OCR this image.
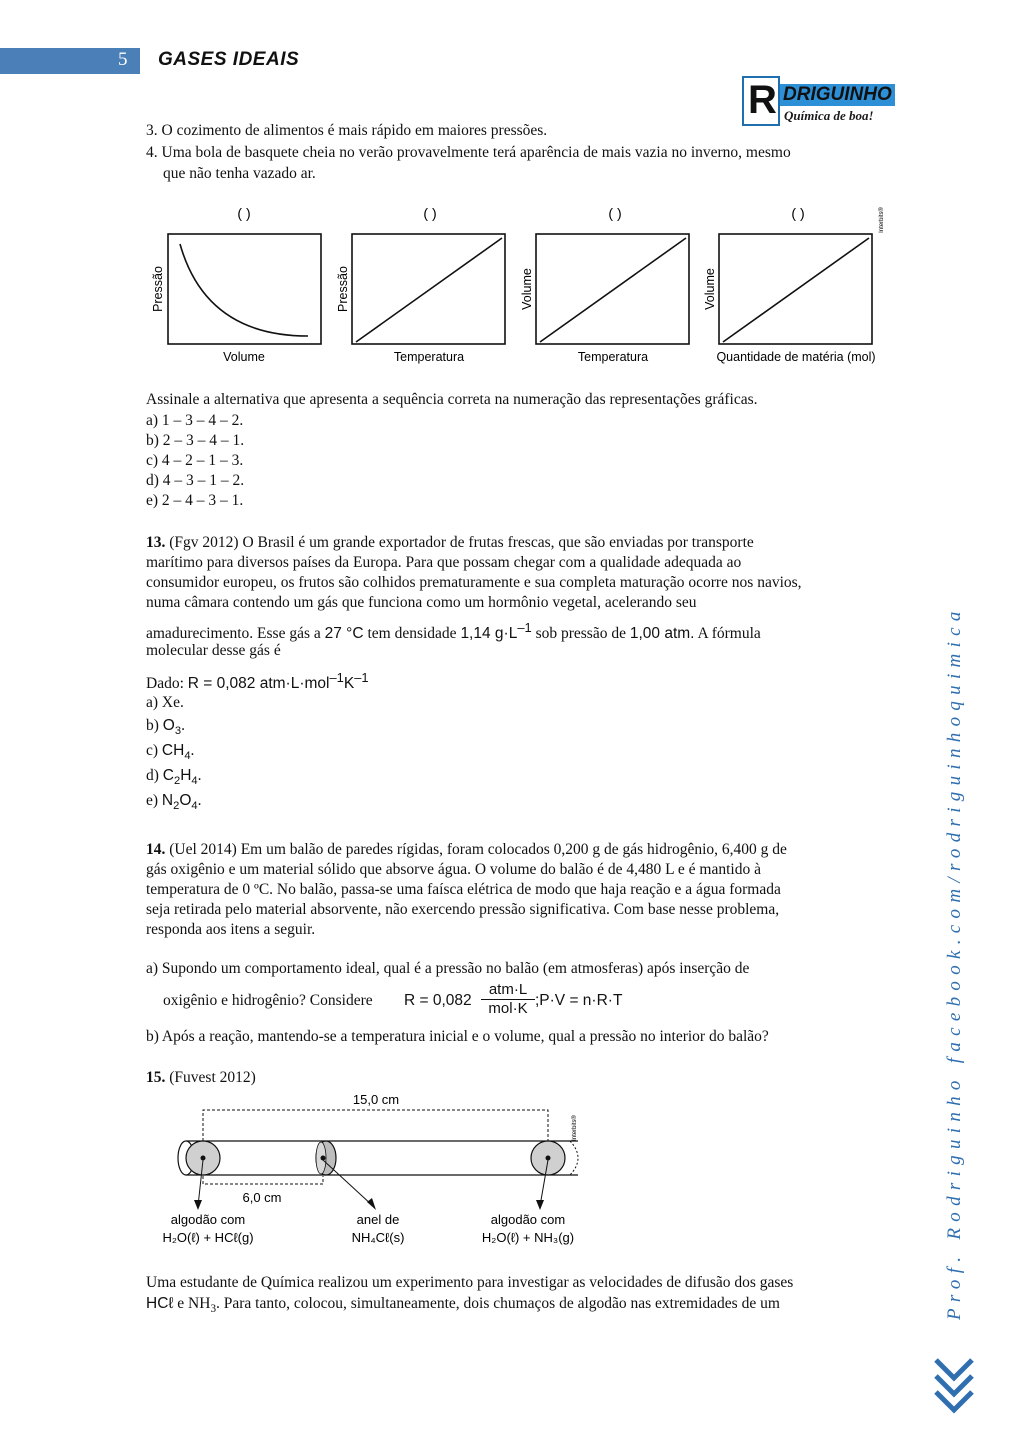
5 GASES IDEAIS
R DRIGUINHO
Química de boa!
3. O cozimento de alimentos é mais rápido em maiores pressões.
4. Uma bola de basquete cheia no verão provavelmente terá aparência de mais vazia no inverno, mesmo
que não tenha vazado ar.
( )
Pressão
Volume
( )
Pressão
Temperatura
( )
Volume
Temperatura
( )
Volume
Quantidade de matéria (mol)
Interbits®
Assinale a alternativa que apresenta a sequência correta na numeração das representações gráficas.
a) 1 – 3 – 4 – 2.
b) 2 – 3 – 4 – 1.
c) 4 – 2 – 1 – 3.
d) 4 – 3 – 1 – 2.
e) 2 – 4 – 3 – 1.
13. (Fgv 2012) O Brasil é um grande exportador de frutas frescas, que são enviadas por transporte
marítimo para diversos países da Europa. Para que possam chegar com a qualidade adequada ao
consumidor europeu, os frutos são colhidos prematuramente e sua completa maturação ocorre nos navios,
numa câmara contendo um gás que funciona como um hormônio vegetal, acelerando seu
amadurecimento. Esse gás a 27 °C tem densidade 1,14 $g\cdot L^{-1}$ sob pressão de 1,00 atm. A fórmula
molecular desse gás é
Dado: R = 0,082 $atm\cdot L\cdot mol^{-1}K^{-1}$
a) Xe.
b) $O_3$.
c) $CH_4$.
d) $C_2H_4$.
e) $N_2O_4$.
14. (Uel 2014) Em um balão de paredes rígidas, foram colocados 0,200 g de gás hidrogênio, 6,400 g de
gás oxigênio e um material sólido que absorve água. O volume do balão é de 4,480 L e é mantido à
temperatura de 0 ºC. No balão, passa-se uma faísca elétrica de modo que haja reação e a água formada
seja retirada pelo material absorvente, não exercendo pressão significativa. Com base nesse problema,
responda aos itens a seguir.
a) Supondo um comportamento ideal, qual é a pressão no balão (em atmosferas) após inserção de
oxigênio e hidrogênio? Considere R = 0,082
atm·L
mol·K ;P·V = n·R·T
b) Após a reação, mantendo-se a temperatura inicial e o volume, qual a pressão no interior do balão?
15. (Fuvest 2012)
15,0 cm
Interbits®
6,0 cm
algodão com
H₂O(ℓ) + HCℓ(g)
anel de
NH₄Cℓ(s)
algodão com
H₂O(ℓ) + NH₃(g)
Uma estudante de Química realizou um experimento para investigar as velocidades de difusão dos gases
HCℓ e $NH_3$. Para tanto, colocou, simultaneamente, dois chumaços de algodão nas extremidades de um	Prof. Rodriguinho facebook.com/rodriguinhoquimica
